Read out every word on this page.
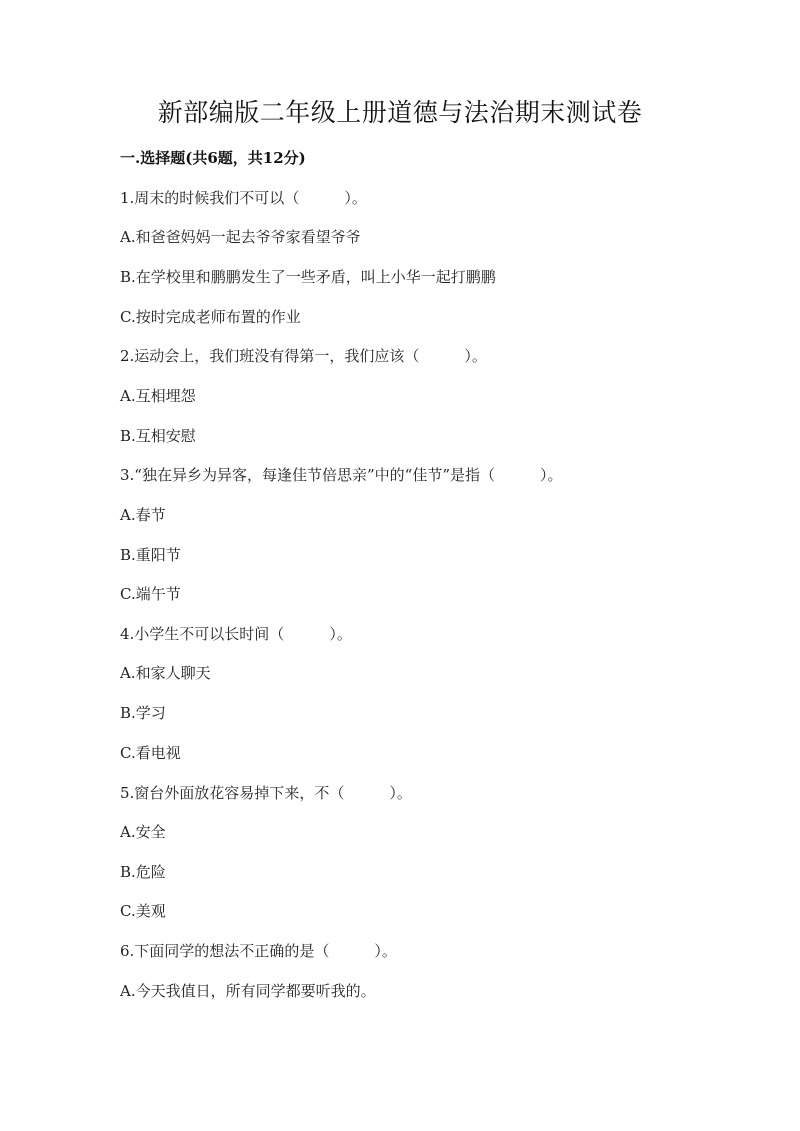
新部编版二年级上册道德与法治期末测试卷
一.选择题(共6题，共12分)
1.周末的时候我们不可以（　　　）。
A.和爸爸妈妈一起去爷爷家看望爷爷
B.在学校里和鹏鹏发生了一些矛盾，叫上小华一起打鹏鹏
C.按时完成老师布置的作业
2.运动会上，我们班没有得第一，我们应该（　　　）。
A.互相埋怨
B.互相安慰
3.“独在异乡为异客，每逢佳节倍思亲”中的“佳节”是指（　　　）。
A.春节
B.重阳节
C.端午节
4.小学生不可以长时间（　　　）。
A.和家人聊天
B.学习
C.看电视
5.窗台外面放花容易掉下来，不（　　　）。
A.安全
B.危险
C.美观
6.下面同学的想法不正确的是（　　　）。
A.今天我值日，所有同学都要听我的。
